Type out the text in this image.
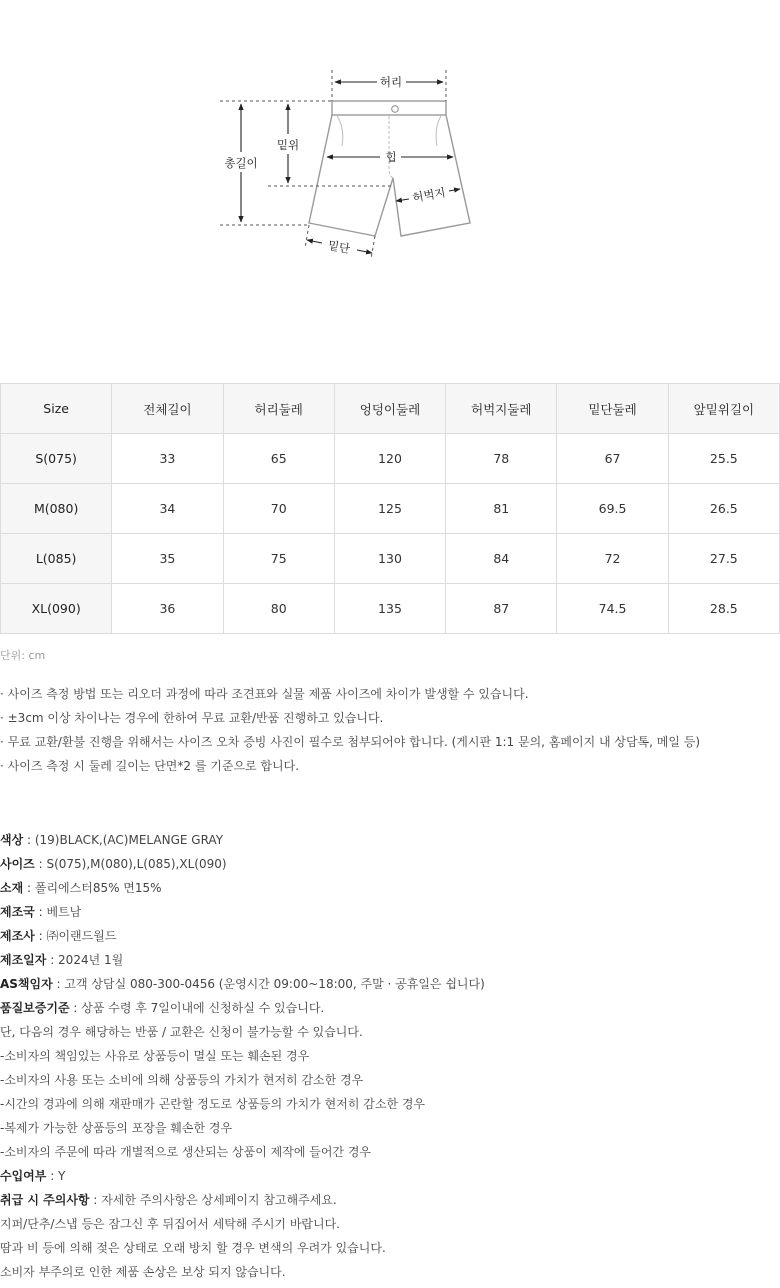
허리
총길이
밑위
힙
허벅지
밑단
Size	전체길이	허리둘레	엉덩이둘레	허벅지둘레	밑단둘레	앞밑위길이
S(075)	33	65	120	78	67	25.5
M(080)	34	70	125	81	69.5	26.5
L(085)	35	75	130	84	72	27.5
XL(090)	36	80	135	87	74.5	28.5
단위: cm
· 사이즈 측정 방법 또는 리오더 과정에 따라 조견표와 실물 제품 사이즈에 차이가 발생할 수 있습니다.
· ±3cm 이상 차이나는 경우에 한하여 무료 교환/반품 진행하고 있습니다.
· 무료 교환/환불 진행을 위해서는 사이즈 오차 증빙 사진이 필수로 첨부되어야 합니다. (게시판 1:1 문의, 홈페이지 내 상담톡, 메일 등)
· 사이즈 측정 시 둘레 길이는 단면*2 를 기준으로 합니다.
색상 : (19)BLACK,(AC)MELANGE GRAY
사이즈 : S(075),M(080),L(085),XL(090)
소재 : 폴리에스터85% 면15%
제조국 : 베트남
제조사 : ㈜이랜드월드
제조일자 : 2024년 1월
AS책임자 : 고객 상담실 080-300-0456 (운영시간 09:00~18:00, 주말 · 공휴일은 쉽니다)
품질보증기준 : 상품 수령 후 7일이내에 신청하실 수 있습니다.
단, 다음의 경우 해당하는 반품 / 교환은 신청이 불가능할 수 있습니다.
-소비자의 책임있는 사유로 상품등이 멸실 또는 훼손된 경우
-소비자의 사용 또는 소비에 의해 상품등의 가치가 현저히 감소한 경우
-시간의 경과에 의해 재판매가 곤란할 정도로 상품등의 가치가 현저히 감소한 경우
-복제가 가능한 상품등의 포장을 훼손한 경우
-소비자의 주문에 따라 개별적으로 생산되는 상품이 제작에 들어간 경우
수입여부 : Y
취급 시 주의사항 : 자세한 주의사항은 상세페이지 참고해주세요.
지퍼/단추/스냅 등은 잠그신 후 뒤집어서 세탁해 주시기 바랍니다.
땀과 비 등에 의해 젖은 상태로 오래 방치 할 경우 변색의 우려가 있습니다.
소비자 부주의로 인한 제품 손상은 보상 되지 않습니다.
